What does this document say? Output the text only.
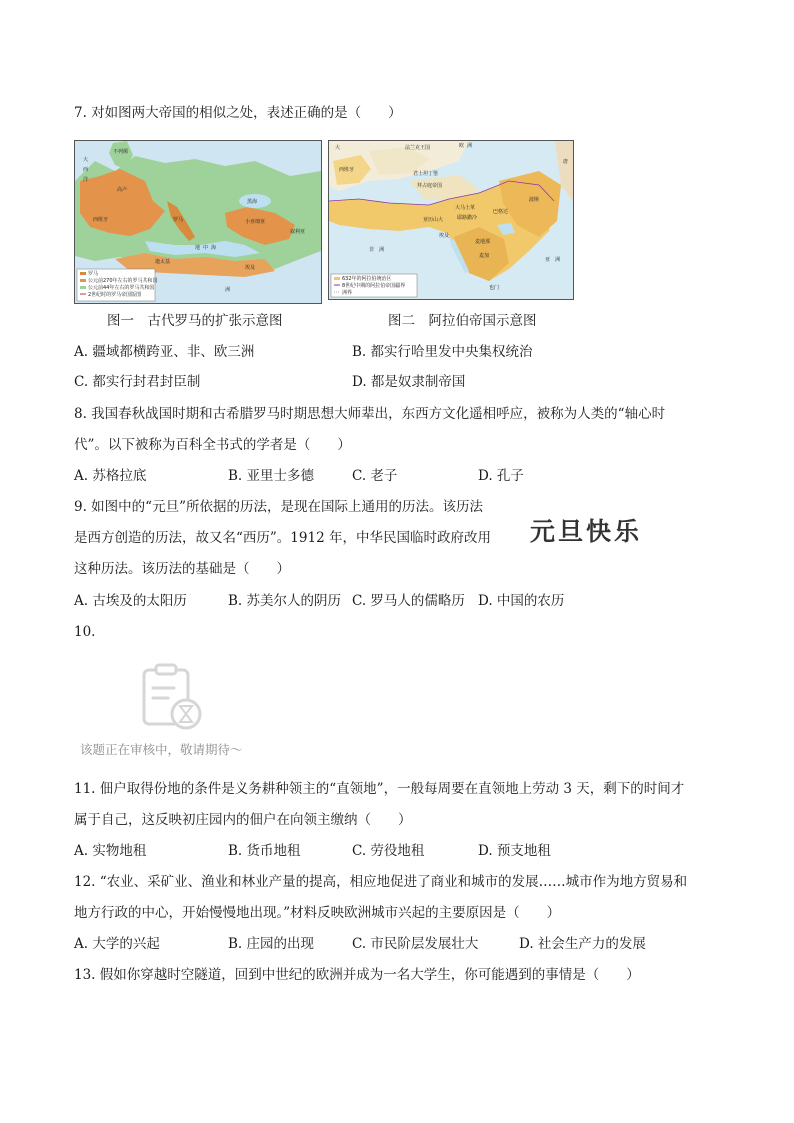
7. 对如图两大帝国的相似之处，表述正确的是（　　）
罗马
公元前270年左右的罗马共和国
公元前44年左右的罗马共和国
2世纪时的罗马帝国版图
不列颠
高卢
西班牙	罗马
迦太基
小亚细亚
叙利亚
埃及
大
西
洋
洲
地 中 海
黑海
632年的阿拉伯统治区
8世纪中期的阿拉伯帝国疆界
洲界
大
西班牙
法兰克王国	欧 洲
君士坦丁堡
拜占庭帝国
巴格达
大马士革
耶路撒冷
亚历山大
埃及
麦地那
麦加
波斯
唐
亚 洲
非 洲
也门
图一　古代罗马的扩张示意图	图二　阿拉伯帝国示意图
A. 疆域都横跨亚、非、欧三洲	B. 都实行哈里发中央集权统治
C. 都实行封君封臣制	D. 都是奴隶制帝国
8. 我国春秋战国时期和古希腊罗马时期思想大师辈出，东西方文化遥相呼应，被称为人类的“轴心时
代”。以下被称为百科全书式的学者是（　　）
A. 苏格拉底	B. 亚里士多德	C. 老子	D. 孔子
9. 如图中的“元旦”所依据的历法，是现在国际上通用的历法。该历法
是西方创造的历法，故又名“西历”。1912 年，中华民国临时政府改用
这种历法。该历法的基础是（　　）
元旦快乐
A. 古埃及的太阳历	B. 苏美尔人的阴历 C. 罗马人的儒略历 D. 中国的农历
10.
该题正在审核中，敬请期待～
11. 佃户取得份地的条件是义务耕种领主的“直领地”，一般每周要在直领地上劳动 3 天，剩下的时间才
属于自己，这反映初庄园内的佃户在向领主缴纳（　　）
A. 实物地租	B. 货币地租	C. 劳役地租	D. 预支地租
12. “农业、采矿业、渔业和林业产量的提高，相应地促进了商业和城市的发展……城市作为地方贸易和
地方行政的中心，开始慢慢地出现。”材料反映欧洲城市兴起的主要原因是（　　）
A. 大学的兴起	B. 庄园的出现	C. 市民阶层发展壮大	D. 社会生产力的发展
13. 假如你穿越时空隧道，回到中世纪的欧洲并成为一名大学生，你可能遇到的事情是（　　）
